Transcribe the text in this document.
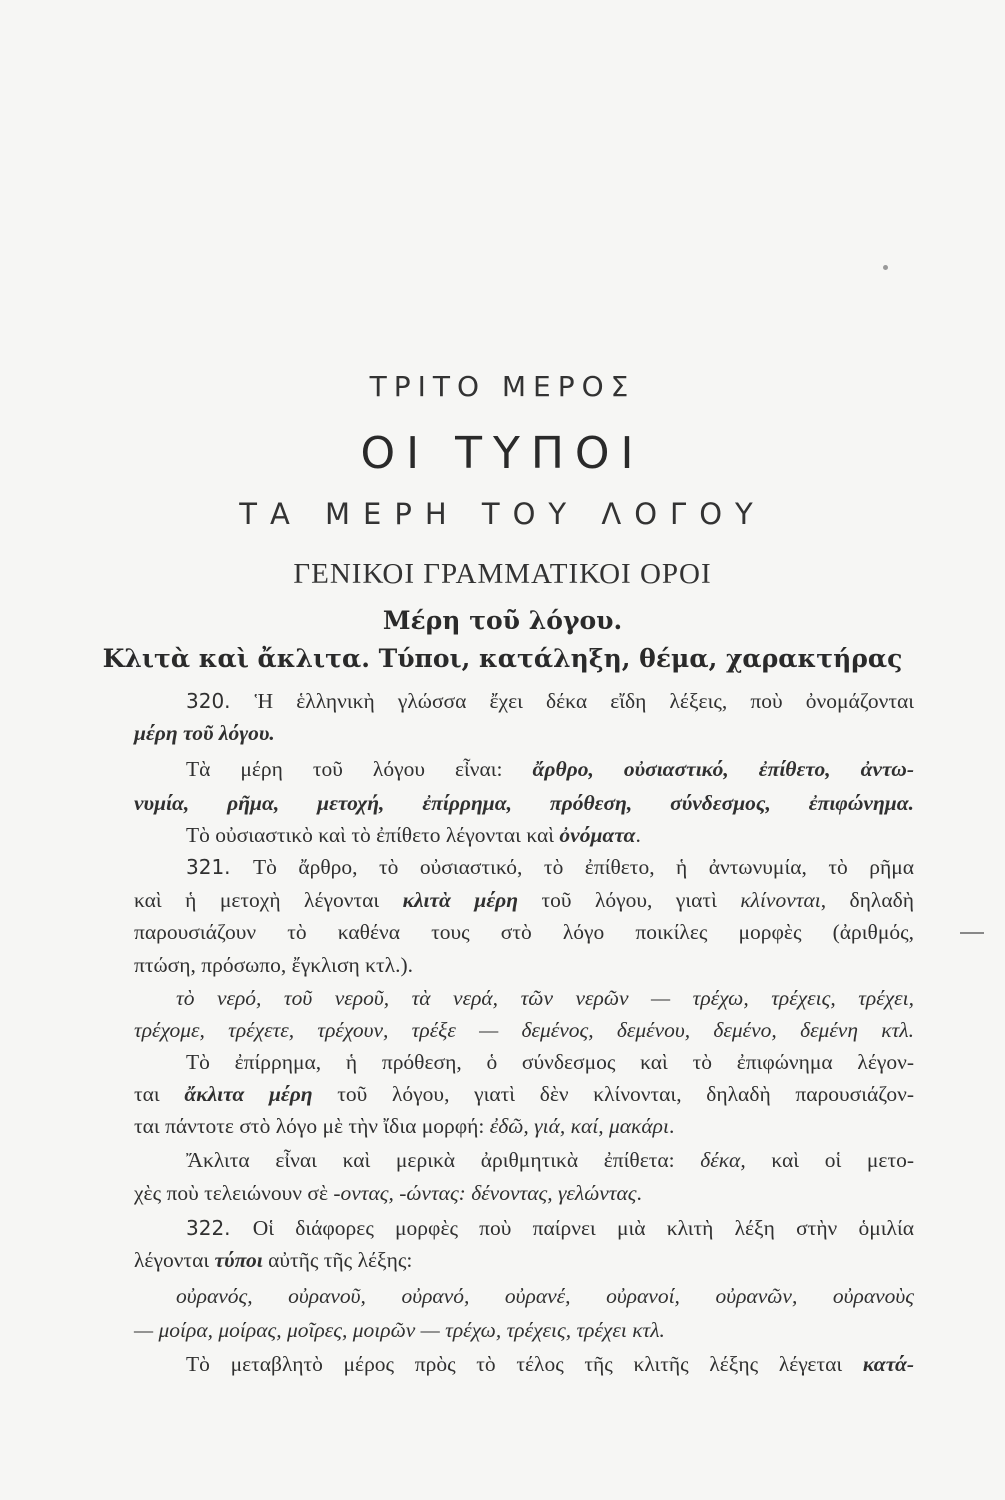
ΤΡΙΤΟ ΜΕΡΟΣ
ΟΙ ΤΥΠΟΙ
ΤΑ ΜΕΡΗ ΤΟΥ ΛΟΓΟΥ
ΓΕΝΙΚΟΙ ΓΡΑΜΜΑΤΙΚΟΙ ΟΡΟΙ
Μέρη τοῦ λόγου.
Κλιτὰ καὶ ἄκλιτα. Τύποι, κατάληξη, θέμα, χαρακτήρας
320. Ἡ ἑλληνικὴ γλώσσα ἔχει δέκα εἴδη λέξεις, ποὺ ὀνομάζονται
μέρη τοῦ λόγου.
Τὰ μέρη τοῦ λόγου εἶναι: ἄρθρο, οὐσιαστικό, ἐπίθετο, ἀντω-
νυμία, ρῆμα, μετοχή, ἐπίρρημα, πρόθεση, σύνδεσμος, ἐπιφώνημα.
Τὸ οὐσιαστικὸ καὶ τὸ ἐπίθετο λέγονται καὶ ὀνόματα.
321. Τὸ ἄρθρο, τὸ οὐσιαστικό, τὸ ἐπίθετο, ἡ ἀντωνυμία, τὸ ρῆμα
καὶ ἡ μετοχὴ λέγονται κλιτὰ μέρη τοῦ λόγου, γιατὶ κλίνονται, δηλαδὴ
παρουσιάζουν τὸ καθένα τους στὸ λόγο ποικίλες μορφὲς (ἀριθμός,
πτώση, πρόσωπο, ἔγκλιση κτλ.).
τὸ νερό, τοῦ νεροῦ, τὰ νερά, τῶν νερῶν — τρέχω, τρέχεις, τρέχει,
τρέχομε, τρέχετε, τρέχουν, τρέξε — δεμένος, δεμένου, δεμένο, δεμένη κτλ.
Τὸ ἐπίρρημα, ἡ πρόθεση, ὁ σύνδεσμος καὶ τὸ ἐπιφώνημα λέγον-
ται ἄκλιτα μέρη τοῦ λόγου, γιατὶ δὲν κλίνονται, δηλαδὴ παρουσιάζον-
ται πάντοτε στὸ λόγο μὲ τὴν ἴδια μορφή: ἐδῶ, γιά, καί, μακάρι.
Ἄκλιτα εἶναι καὶ μερικὰ ἀριθμητικὰ ἐπίθετα: δέκα, καὶ οἱ μετο-
χὲς ποὺ τελειώνουν σὲ -οντας, -ώντας: δένοντας, γελώντας.
322. Οἱ διάφορες μορφὲς ποὺ παίρνει μιὰ κλιτὴ λέξη στὴν ὁμιλία
λέγονται τύποι αὐτῆς τῆς λέξης:
οὐρανός, οὐρανοῦ, οὐρανό, οὐρανέ, οὐρανοί, οὐρανῶν, οὐρανοὺς
— μοίρα, μοίρας, μοῖρες, μοιρῶν — τρέχω, τρέχεις, τρέχει κτλ.
Τὸ μεταβλητὸ μέρος πρὸς τὸ τέλος τῆς κλιτῆς λέξης λέγεται κατά-
